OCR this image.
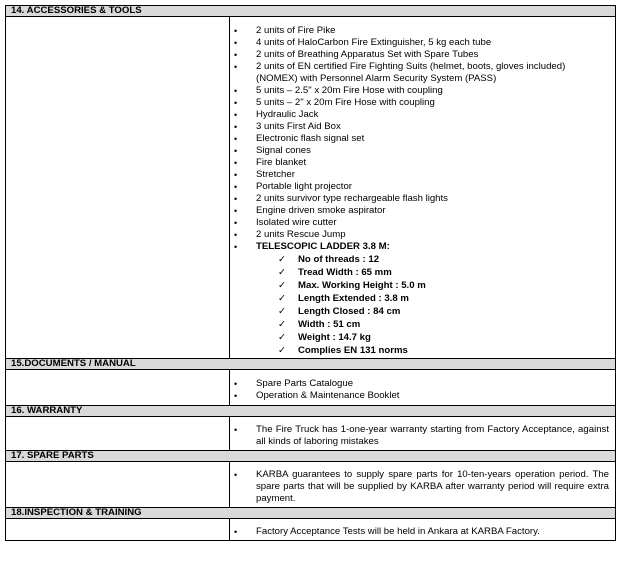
14. ACCESSORIES & TOOLS
• 2 units of Fire Pike
• 4 units of HaloCarbon Fire Extinguisher, 5 kg each tube
• 2 units of Breathing Apparatus Set with Spare Tubes
• 2 units of EN certified Fire Fighting Suits (helmet, boots, gloves included) (NOMEX) with Personnel Alarm Security System (PASS)
• 5 units – 2.5" x 20m Fire Hose with coupling
• 5 units – 2" x 20m Fire Hose with coupling
• Hydraulic Jack
• 3 units First Aid Box
• Electronic flash signal set
• Signal cones
• Fire blanket
• Stretcher
• Portable light projector
• 2 units survivor type rechargeable flash lights
• Engine driven smoke aspirator
• Isolated wire cutter
• 2 units Rescue Jump
• TELESCOPIC LADDER 3.8 M:
✓ No of threads : 12
✓ Tread Width : 65 mm
✓ Max. Working Height : 5.0 m
✓ Length Extended : 3.8 m
✓ Length Closed : 84 cm
✓ Width : 51 cm
✓ Weight : 14.7 kg
✓ Complies EN 131 norms
15.DOCUMENTS / MANUAL
• Spare Parts Catalogue
• Operation & Maintenance Booklet
16. WARRANTY
• The Fire Truck has 1-one-year warranty starting from Factory Acceptance, against all kinds of laboring mistakes
17. SPARE PARTS
• KARBA guarantees to supply spare parts for 10-ten-years operation period. The spare parts that will be supplied by KARBA after warranty period will require extra payment.
18.INSPECTION & TRAINING
• Factory Acceptance Tests will be held in Ankara at KARBA Factory.
